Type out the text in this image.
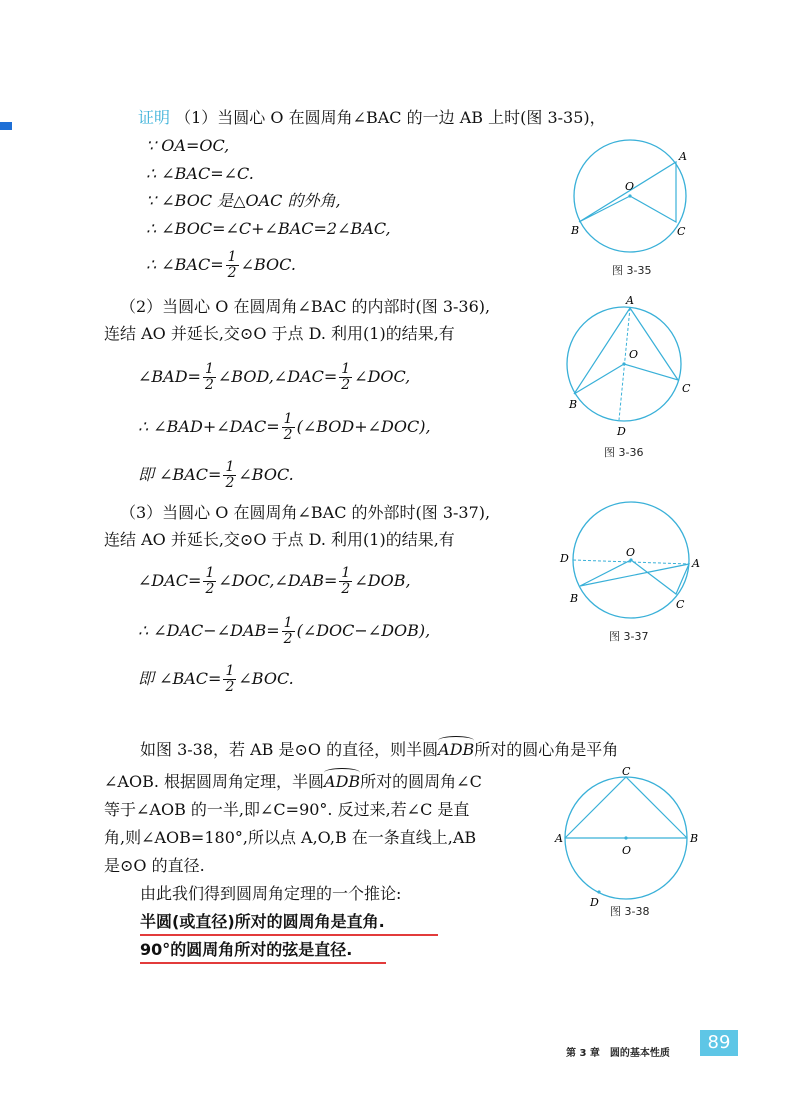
证明 （1）当圆心 O 在圆周角∠BAC 的一边 AB 上时(图 3-35)，
∵ OA=OC,
∴ ∠BAC=∠C.
∵ ∠BOC 是△OAC 的外角,
∴ ∠BOC=∠C+∠BAC=2∠BAC,
∴ ∠BAC= $\frac{1}{2}$ ∠BOC.
（2）当圆心 O 在圆周角∠BAC 的内部时(图 3-36),
连结 AO 并延长,交⊙O 于点 D. 利用(1)的结果,有
∠BAD= $\frac{1}{2}$ ∠BOD,∠DAC= $\frac{1}{2}$ ∠DOC,
∴ ∠BAD+∠DAC= $\frac{1}{2}$ (∠BOD+∠DOC),
即 ∠BAC= $\frac{1}{2}$ ∠BOC.
（3）当圆心 O 在圆周角∠BAC 的外部时(图 3-37),
连结 AO 并延长,交⊙O 于点 D. 利用(1)的结果,有
∠DAC= $\frac{1}{2}$ ∠DOC,∠DAB= $\frac{1}{2}$ ∠DOB,
∴ ∠DAC−∠DAB= $\frac{1}{2}$ (∠DOC−∠DOB),
即 ∠BAC= $\frac{1}{2}$ ∠BOC.
如图 3-38，若 AB 是⊙O 的直径，则半圆ADB所对的圆心角是平角
∠AOB. 根据圆周角定理，半圆ADB所对的圆周角∠C
等于∠AOB 的一半,即∠C=90°. 反过来,若∠C 是直
角,则∠AOB=180°,所以点 A,O,B 在一条直线上,AB
是⊙O 的直径.
由此我们得到圆周角定理的一个推论:
半圆(或直径)所对的圆周角是直角.
90°的圆周角所对的弦是直径.
O
A
B	C
图 3-35
A
O
B
C
D
图 3-36
O
D	A
B	C
图 3-37
C
A	B
O
D
图 3-38
第 3 章　圆的基本性质
89
